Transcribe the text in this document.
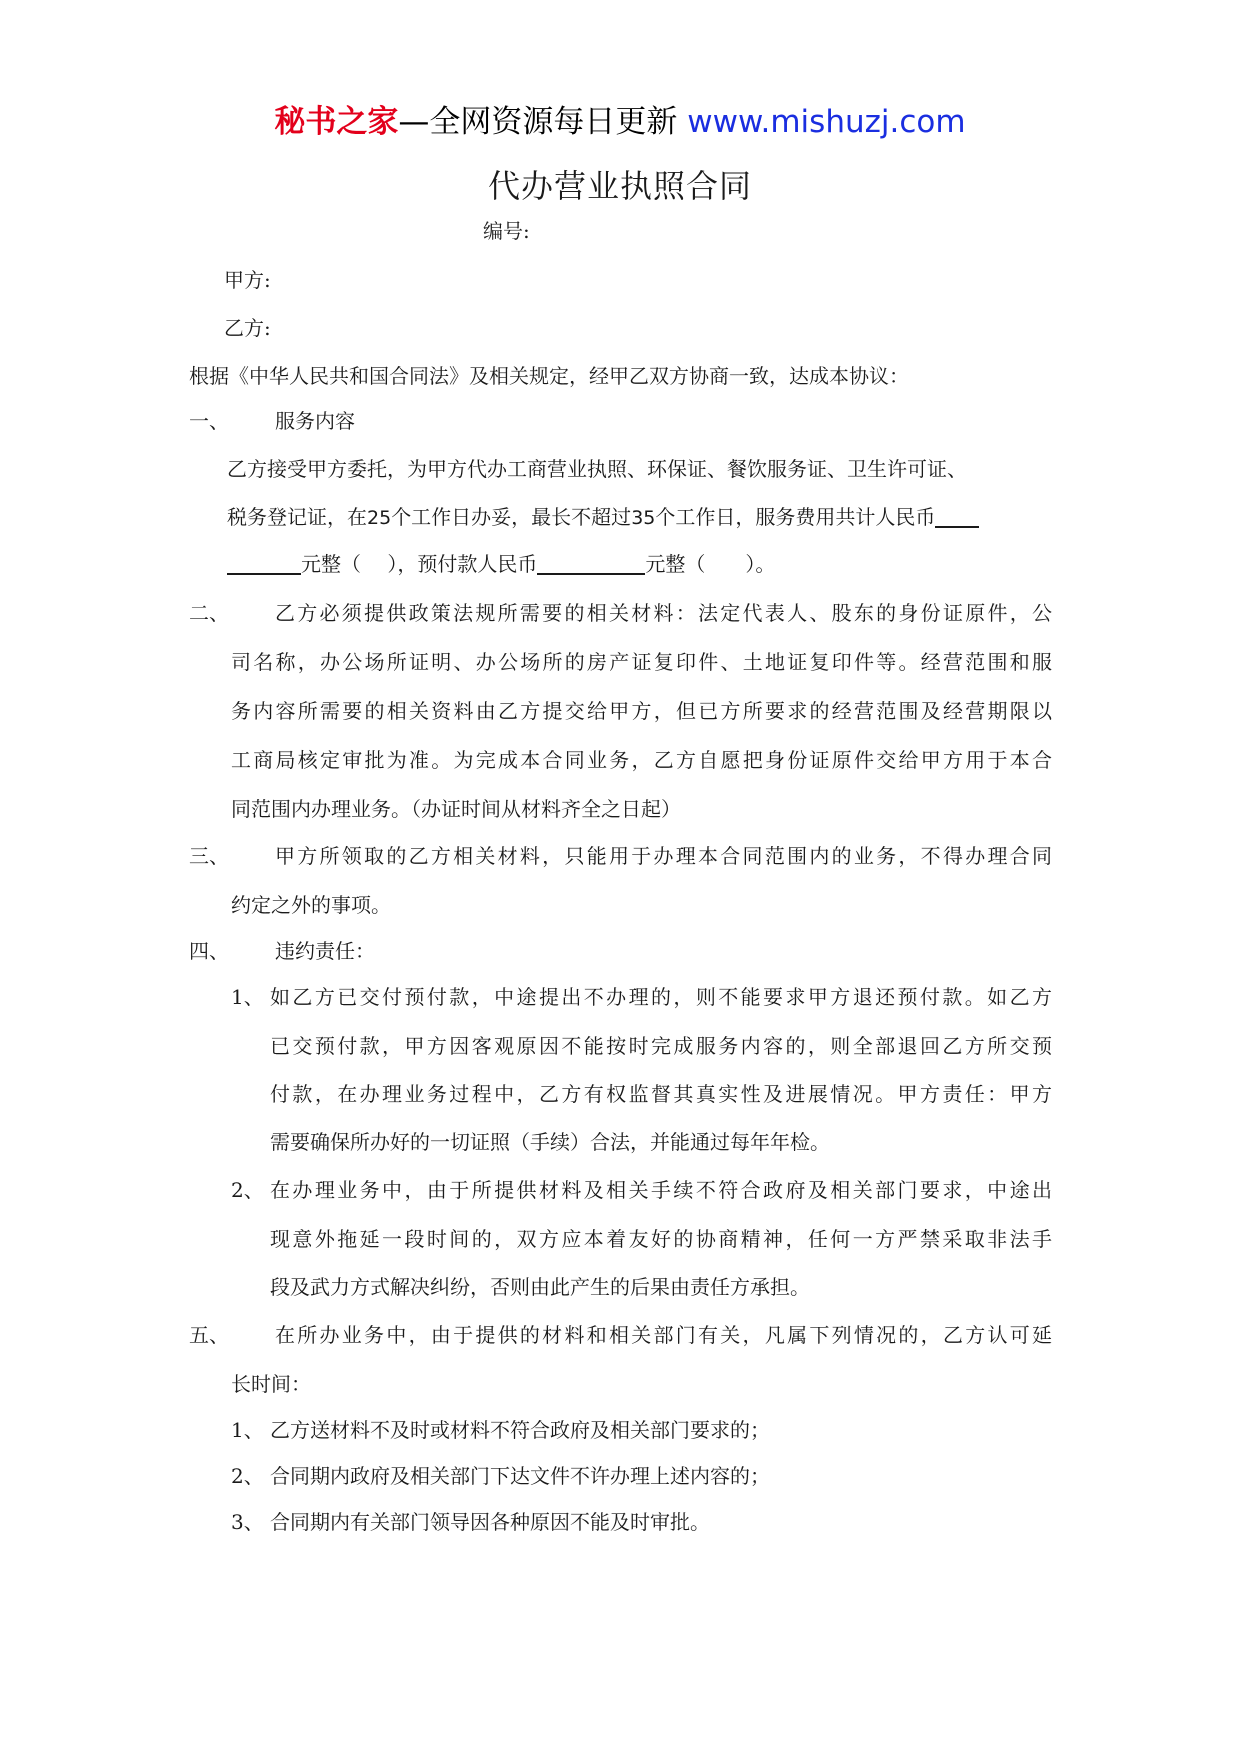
秘书之家—全网资源每日更新 www.mishuzj.com
代办营业执照合同
编号:
甲方:
乙方:
根据《中华人民共和国合同法》及相关规定，经甲乙双方协商一致，达成本协议：
一、 服务内容
乙方接受甲方委托，为甲方代办工商营业执照、环保证、餐饮服务证、卫生许可证、
税务登记证，在25个工作日办妥，最长不超过35个工作日，服务费用共计人民币
元整（　 ），预付款人民币	元整（　　）。
二、 乙方必须提供政策法规所需要的相关材料：法定代表人、股东的身份证原件，公
司名称，办公场所证明、办公场所的房产证复印件、土地证复印件等。经营范围和服
务内容所需要的相关资料由乙方提交给甲方，但已方所要求的经营范围及经营期限以
工商局核定审批为准。为完成本合同业务，乙方自愿把身份证原件交给甲方用于本合
同范围内办理业务。（办证时间从材料齐全之日起）
三、 甲方所领取的乙方相关材料，只能用于办理本合同范围内的业务，不得办理合同
约定之外的事项。
四、 违约责任：
1、 如乙方已交付预付款，中途提出不办理的，则不能要求甲方退还预付款。如乙方
已交预付款，甲方因客观原因不能按时完成服务内容的，则全部退回乙方所交预
付款，在办理业务过程中，乙方有权监督其真实性及进展情况。甲方责任：甲方
需要确保所办好的一切证照（手续）合法，并能通过每年年检。
2、 在办理业务中，由于所提供材料及相关手续不符合政府及相关部门要求，中途出
现意外拖延一段时间的，双方应本着友好的协商精神，任何一方严禁采取非法手
段及武力方式解决纠纷，否则由此产生的后果由责任方承担。
五、 在所办业务中，由于提供的材料和相关部门有关，凡属下列情况的，乙方认可延
长时间：
1、 乙方送材料不及时或材料不符合政府及相关部门要求的；
2、 合同期内政府及相关部门下达文件不许办理上述内容的；
3、 合同期内有关部门领导因各种原因不能及时审批。
